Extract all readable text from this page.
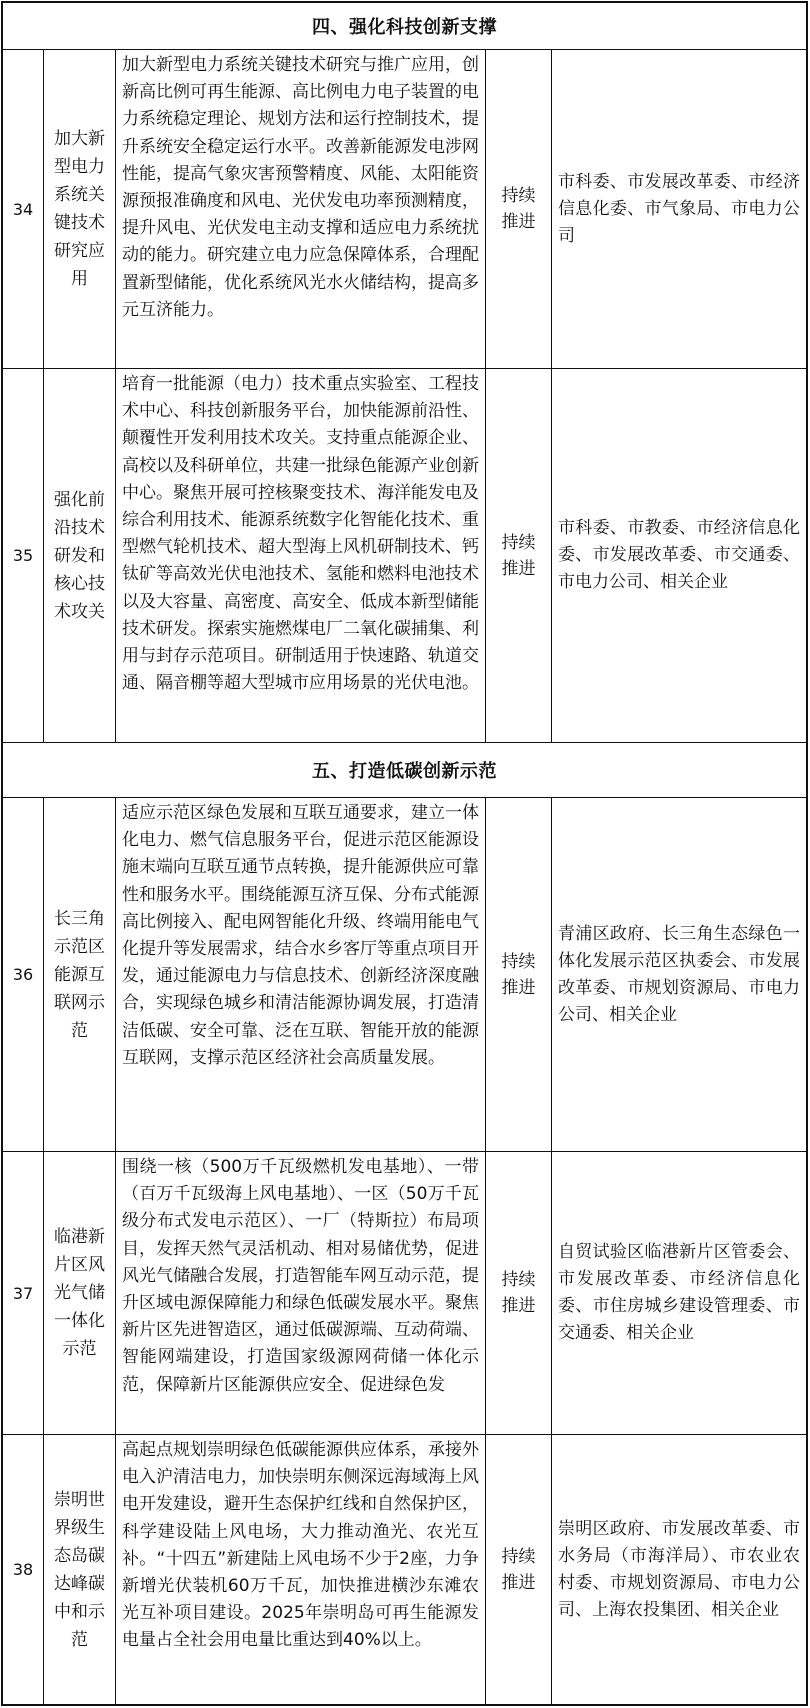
四、强化科技创新支撑
34
加大新型电力系统关键技术研究应用
加大新型电力系统关键技术研究与推广应用，创新高比例可再生能源、高比例电力电子装置的电力系统稳定理论、规划方法和运行控制技术，提升系统安全稳定运行水平。改善新能源发电涉网性能，提高气象灾害预警精度、风能、太阳能资源预报准确度和风电、光伏发电功率预测精度，提升风电、光伏发电主动支撑和适应电力系统扰动的能力。研究建立电力应急保障体系，合理配置新型储能，优化系统风光水火储结构，提高多元互济能力。
持续推进
市科委、市发展改革委、市经济信息化委、市气象局、市电力公司
35
强化前沿技术研发和核心技术攻关
培育一批能源（电力）技术重点实验室、工程技术中心、科技创新服务平台，加快能源前沿性、颠覆性开发利用技术攻关。支持重点能源企业、高校以及科研单位，共建一批绿色能源产业创新中心。聚焦开展可控核聚变技术、海洋能发电及综合利用技术、能源系统数字化智能化技术、重型燃气轮机技术、超大型海上风机研制技术、钙钛矿等高效光伏电池技术、氢能和燃料电池技术以及大容量、高密度、高安全、低成本新型储能技术研发。探索实施燃煤电厂二氧化碳捕集、利用与封存示范项目。研制适用于快速路、轨道交通、隔音棚等超大型城市应用场景的光伏电池。
持续推进
市科委、市教委、市经济信息化委、市发展改革委、市交通委、市电力公司、相关企业
五、打造低碳创新示范
36
长三角示范区能源互联网示范
适应示范区绿色发展和互联互通要求，建立一体化电力、燃气信息服务平台，促进示范区能源设施末端向互联互通节点转换，提升能源供应可靠性和服务水平。围绕能源互济互保、分布式能源高比例接入、配电网智能化升级、终端用能电气化提升等发展需求，结合水乡客厅等重点项目开发，通过能源电力与信息技术、创新经济深度融合，实现绿色城乡和清洁能源协调发展，打造清洁低碳、安全可靠、泛在互联、智能开放的能源互联网，支撑示范区经济社会高质量发展。
持续推进
青浦区政府、长三角生态绿色一体化发展示范区执委会、市发展改革委、市规划资源局、市电力公司、相关企业
37
临港新片区风光气储一体化示范
围绕一核（500万千瓦级燃机发电基地）、一带（百万千瓦级海上风电基地）、一区（50万千瓦级分布式发电示范区）、一厂（特斯拉）布局项目，发挥天然气灵活机动、相对易储优势，促进风光气储融合发展，打造智能车网互动示范，提升区域电源保障能力和绿色低碳发展水平。聚焦新片区先进智造区，通过低碳源端、互动荷端、智能网端建设，打造国家级源网荷储一体化示范，保障新片区能源供应安全、促进绿色发
持续推进
自贸试验区临港新片区管委会、市发展改革委、市经济信息化委、市住房城乡建设管理委、市交通委、相关企业
38
崇明世界级生态岛碳达峰碳中和示范
高起点规划崇明绿色低碳能源供应体系，承接外电入沪清洁电力，加快崇明东侧深远海域海上风电开发建设，避开生态保护红线和自然保护区，科学建设陆上风电场，大力推动渔光、农光互补。“十四五”新建陆上风电场不少于2座，力争新增光伏装机60万千瓦，加快推进横沙东滩农光互补项目建设。2025年崇明岛可再生能源发电量占全社会用电量比重达到40%以上。
持续推进
崇明区政府、市发展改革委、市水务局（市海洋局）、市农业农村委、市规划资源局、市电力公司、上海农投集团、相关企业
